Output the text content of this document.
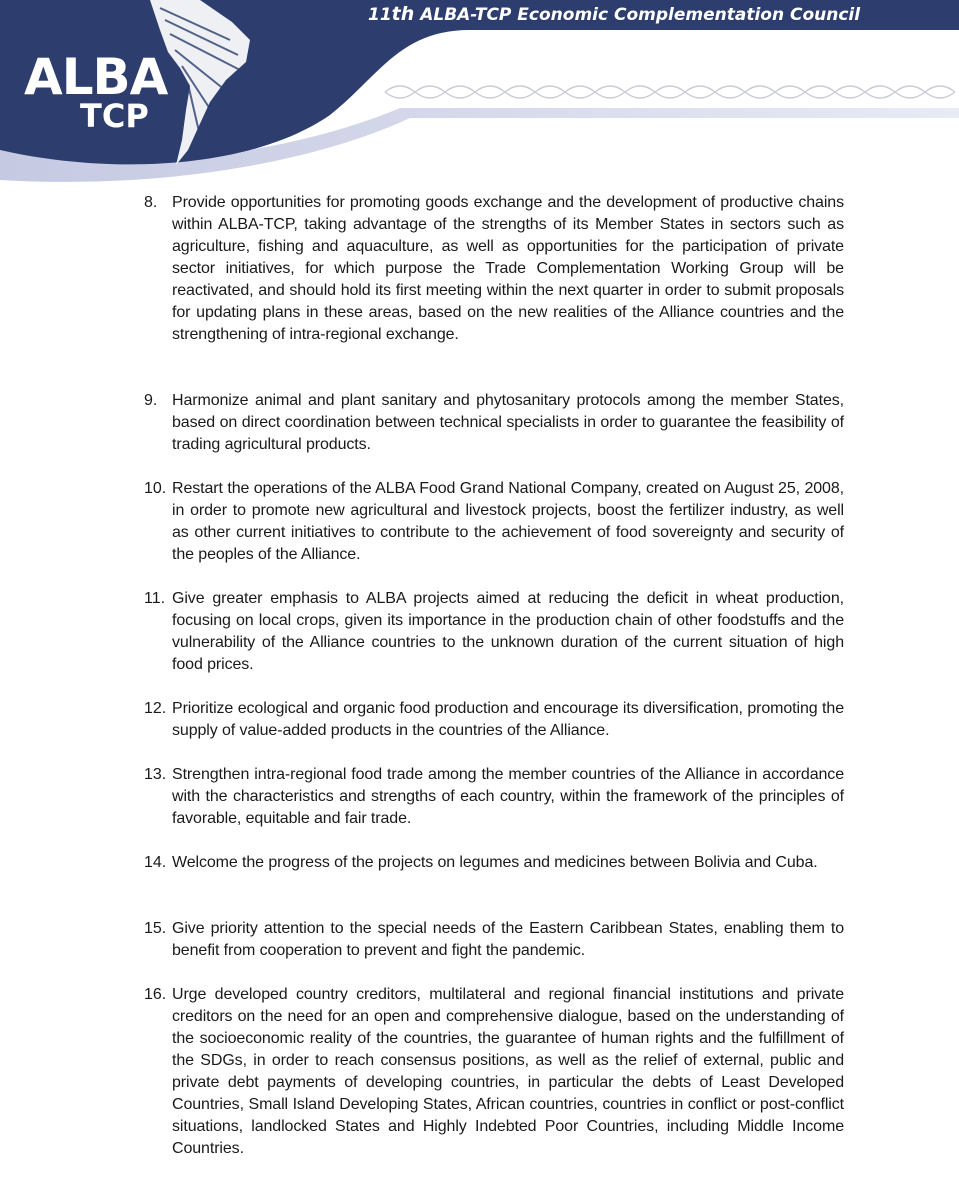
ALBA
TCP
11th ALBA-TCP Economic Complementation Council
8. Provide opportunities for promoting goods exchange and the development of productive chains within ALBA-TCP, taking advantage of the strengths of its Member States in sectors such as agriculture, fishing and aquaculture, as well as opportunities for the participation of private sector initiatives, for which purpose the Trade Complementation Working Group will be reactivated, and should hold its first meeting within the next quarter in order to submit proposals for updating plans in these areas, based on the new realities of the Alliance countries and the strengthening of intra-regional exchange.
9. Harmonize animal and plant sanitary and phytosanitary protocols among the member States, based on direct coordination between technical specialists in order to guarantee the feasibility of trading agricultural products.
10. Restart the operations of the ALBA Food Grand National Company, created on August 25, 2008, in order to promote new agricultural and livestock projects, boost the fertilizer industry, as well as other current initiatives to contribute to the achievement of food sovereignty and security of the peoples of the Alliance.
11. Give greater emphasis to ALBA projects aimed at reducing the deficit in wheat production, focusing on local crops, given its importance in the production chain of other foodstuffs and the vulnerability of the Alliance countries to the unknown duration of the current situation of high food prices.
12. Prioritize ecological and organic food production and encourage its diversification, promoting the supply of value-added products in the countries of the Alliance.
13. Strengthen intra-regional food trade among the member countries of the Alliance in accordance with the characteristics and strengths of each country, within the framework of the principles of favorable, equitable and fair trade.
14. Welcome the progress of the projects on legumes and medicines between Bolivia and Cuba.
15. Give priority attention to the special needs of the Eastern Caribbean States, enabling them to benefit from cooperation to prevent and fight the pandemic.
16. Urge developed country creditors, multilateral and regional financial institutions and private creditors on the need for an open and comprehensive dialogue, based on the understanding of the socioeconomic reality of the countries, the guarantee of human rights and the fulfillment of the SDGs, in order to reach consensus positions, as well as the relief of external, public and private debt payments of developing countries, in particular the debts of Least Developed Countries, Small Island Developing States, African countries, countries in conflict or post-conflict situations, landlocked States and Highly Indebted Poor Countries, including Middle Income Countries.
